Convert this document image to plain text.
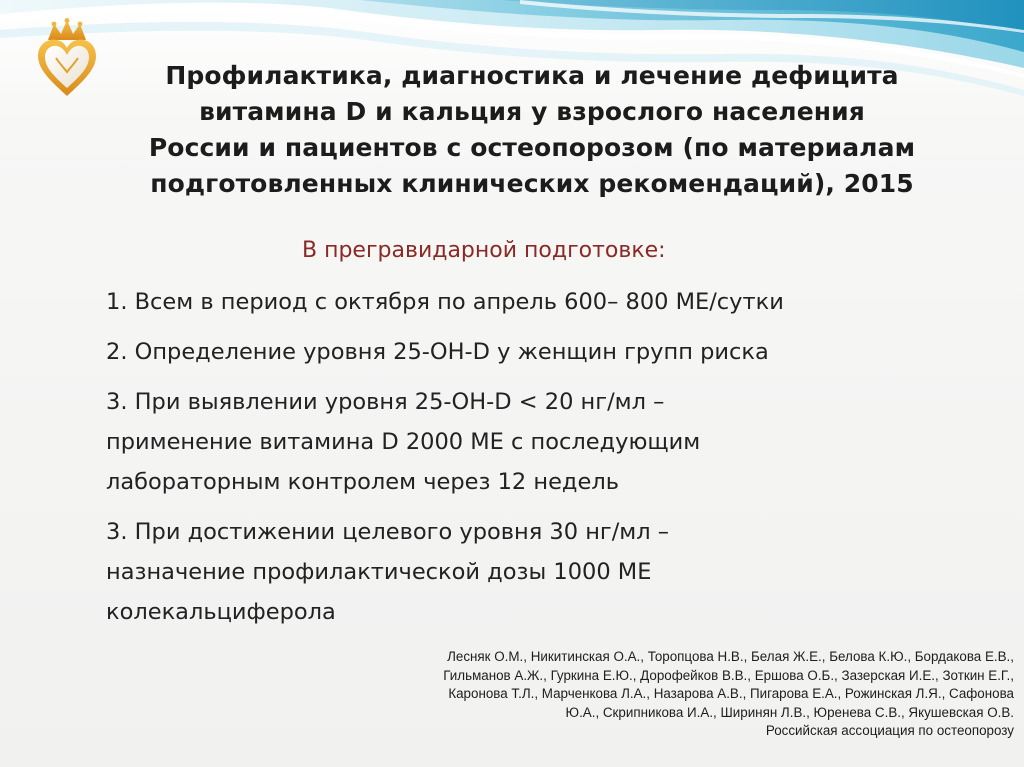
Профилактика, диагностика и лечение дефицита
витамина D и кальция у взрослого населения
России и пациентов с остеопорозом (по материалам
подготовленных клинических рекомендаций), 2015

В прегравидарной подготовке:

1. Всем в период с октября по апрель 600– 800 МЕ/сутки
2. Определение уровня 25-OH-D у женщин групп риска
3. При выявлении уровня 25-OH-D < 20 нг/мл –
применение витамина D 2000 МЕ с последующим
лабораторным контролем через 12 недель
3. При достижении целевого уровня 30 нг/мл –
назначение профилактической дозы 1000 МЕ
колекальциферола
Лесняк О.М., Никитинская О.А., Торопцова Н.В., Белая Ж.Е., Белова К.Ю., Бордакова Е.В.,
Гильманов А.Ж., Гуркина Е.Ю., Дорофейков В.В., Ершова О.Б., Зазерская И.Е., Зоткин Е.Г.,
Каронова Т.Л., Марченкова Л.А., Назарова А.В., Пигарова Е.А., Рожинская Л.Я., Сафонова
Ю.А., Скрипникова И.А., Ширинян Л.В., Юренева С.В., Якушевская О.В.
Российская ассоциация по остеопорозу
